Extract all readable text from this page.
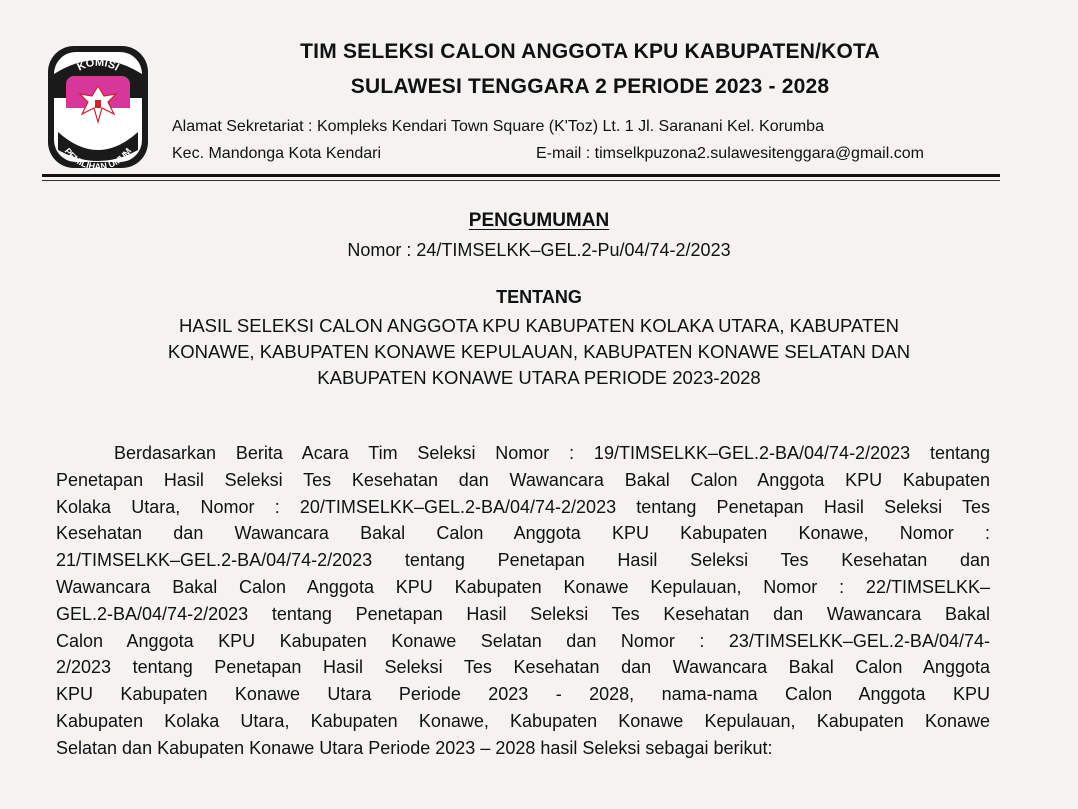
KOMISI
PEMILIHAN UMUM
TIM SELEKSI CALON ANGGOTA KPU KABUPATEN/KOTA
SULAWESI TENGGARA 2 PERIODE 2023 - 2028
Alamat Sekretariat : Kompleks Kendari Town Square (K'Toz) Lt. 1 Jl. Saranani Kel. Korumba
Kec. Mandonga Kota Kendari	E-mail : timselkpuzona2.sulawesitenggara@gmail.com
PENGUMUMAN
Nomor : 24/TIMSELKK–GEL.2-Pu/04/74-2/2023
TENTANG
HASIL SELEKSI CALON ANGGOTA KPU KABUPATEN KOLAKA UTARA, KABUPATEN
KONAWE, KABUPATEN KONAWE KEPULAUAN, KABUPATEN KONAWE SELATAN DAN
KABUPATEN KONAWE UTARA PERIODE 2023-2028
Berdasarkan Berita Acara Tim Seleksi Nomor : 19/TIMSELKK–GEL.2-BA/04/74-2/2023 tentang
Penetapan Hasil Seleksi Tes Kesehatan dan Wawancara Bakal Calon Anggota KPU Kabupaten
Kolaka Utara, Nomor : 20/TIMSELKK–GEL.2-BA/04/74-2/2023 tentang Penetapan Hasil Seleksi Tes
Kesehatan dan Wawancara Bakal Calon Anggota KPU Kabupaten Konawe, Nomor :
21/TIMSELKK–GEL.2-BA/04/74-2/2023 tentang Penetapan Hasil Seleksi Tes Kesehatan dan
Wawancara Bakal Calon Anggota KPU Kabupaten Konawe Kepulauan, Nomor : 22/TIMSELKK–
GEL.2-BA/04/74-2/2023 tentang Penetapan Hasil Seleksi Tes Kesehatan dan Wawancara Bakal
Calon Anggota KPU Kabupaten Konawe Selatan dan Nomor : 23/TIMSELKK–GEL.2-BA/04/74-
2/2023 tentang Penetapan Hasil Seleksi Tes Kesehatan dan Wawancara Bakal Calon Anggota
KPU Kabupaten Konawe Utara Periode 2023 - 2028, nama-nama Calon Anggota KPU
Kabupaten Kolaka Utara, Kabupaten Konawe, Kabupaten Konawe Kepulauan, Kabupaten Konawe
Selatan dan Kabupaten Konawe Utara Periode 2023 – 2028 hasil Seleksi sebagai berikut:
